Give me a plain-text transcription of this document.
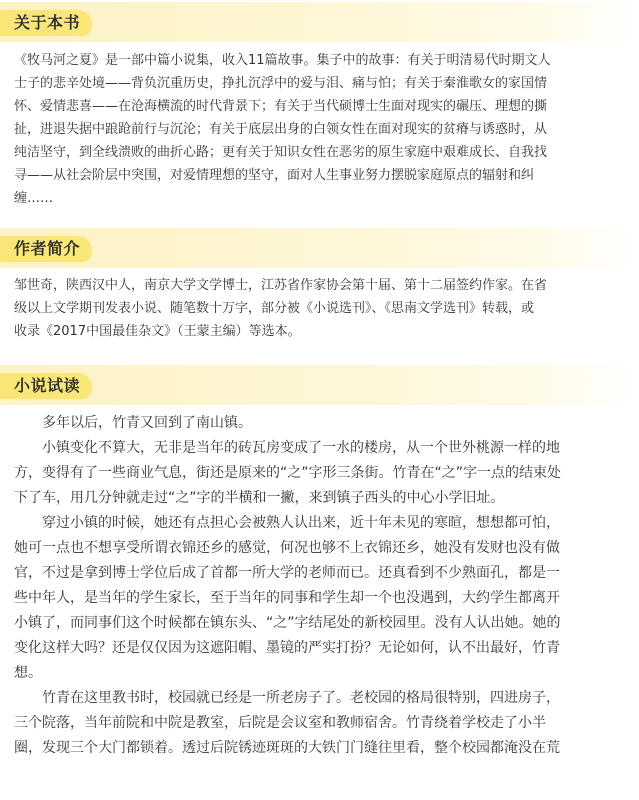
关于本书
《牧马河之夏》是一部中篇小说集，收入11篇故事。集子中的故事：有关于明清易代时期文人
士子的悲辛处境——背负沉重历史，挣扎沉浮中的爱与泪、痛与怕；有关于秦淮歌女的家国情
怀、爱情悲喜——在沧海横流的时代背景下；有关于当代硕博士生面对现实的碾压、理想的撕
扯，进退失据中踉跄前行与沉沦；有关于底层出身的白领女性在面对现实的贫瘠与诱惑时，从
纯洁坚守，到全线溃败的曲折心路；更有关于知识女性在恶劣的原生家庭中艰难成长、自我找
寻——从社会阶层中突围，对爱情理想的坚守，面对人生事业努力摆脱家庭原点的辐射和纠
缠……
作者简介
邹世奇，陕西汉中人，南京大学文学博士，江苏省作家协会第十届、第十二届签约作家。在省
级以上文学期刊发表小说、随笔数十万字，部分被《小说选刊》、《思南文学选刊》转载，或
收录《2017中国最佳杂文》（王蒙主编）等选本。
小说试读
　　多年以后，竹青又回到了南山镇。
　　小镇变化不算大，无非是当年的砖瓦房变成了一水的楼房，从一个世外桃源一样的地
方，变得有了一些商业气息，街还是原来的“之”字形三条街。竹青在“之”字一点的结束处
下了车，用几分钟就走过“之”字的半横和一撇，来到镇子西头的中心小学旧址。
　　穿过小镇的时候，她还有点担心会被熟人认出来，近十年未见的寒暄，想想都可怕，
她可一点也不想享受所谓衣锦还乡的感觉，何况也够不上衣锦还乡，她没有发财也没有做
官，不过是拿到博士学位后成了首都一所大学的老师而已。还真看到不少熟面孔，都是一
些中年人，是当年的学生家长，至于当年的同事和学生却一个也没遇到，大约学生都离开
小镇了，而同事们这个时候都在镇东头、“之”字结尾处的新校园里。没有人认出她。她的
变化这样大吗？还是仅仅因为这遮阳帽、墨镜的严实打扮？无论如何，认不出最好，竹青
想。
　　竹青在这里教书时，校园就已经是一所老房子了。老校园的格局很特别，四进房子，
三个院落，当年前院和中院是教室，后院是会议室和教师宿舍。竹青绕着学校走了小半
圈，发现三个大门都锁着。透过后院锈迹斑斑的大铁门门缝往里看，整个校园都淹没在荒
